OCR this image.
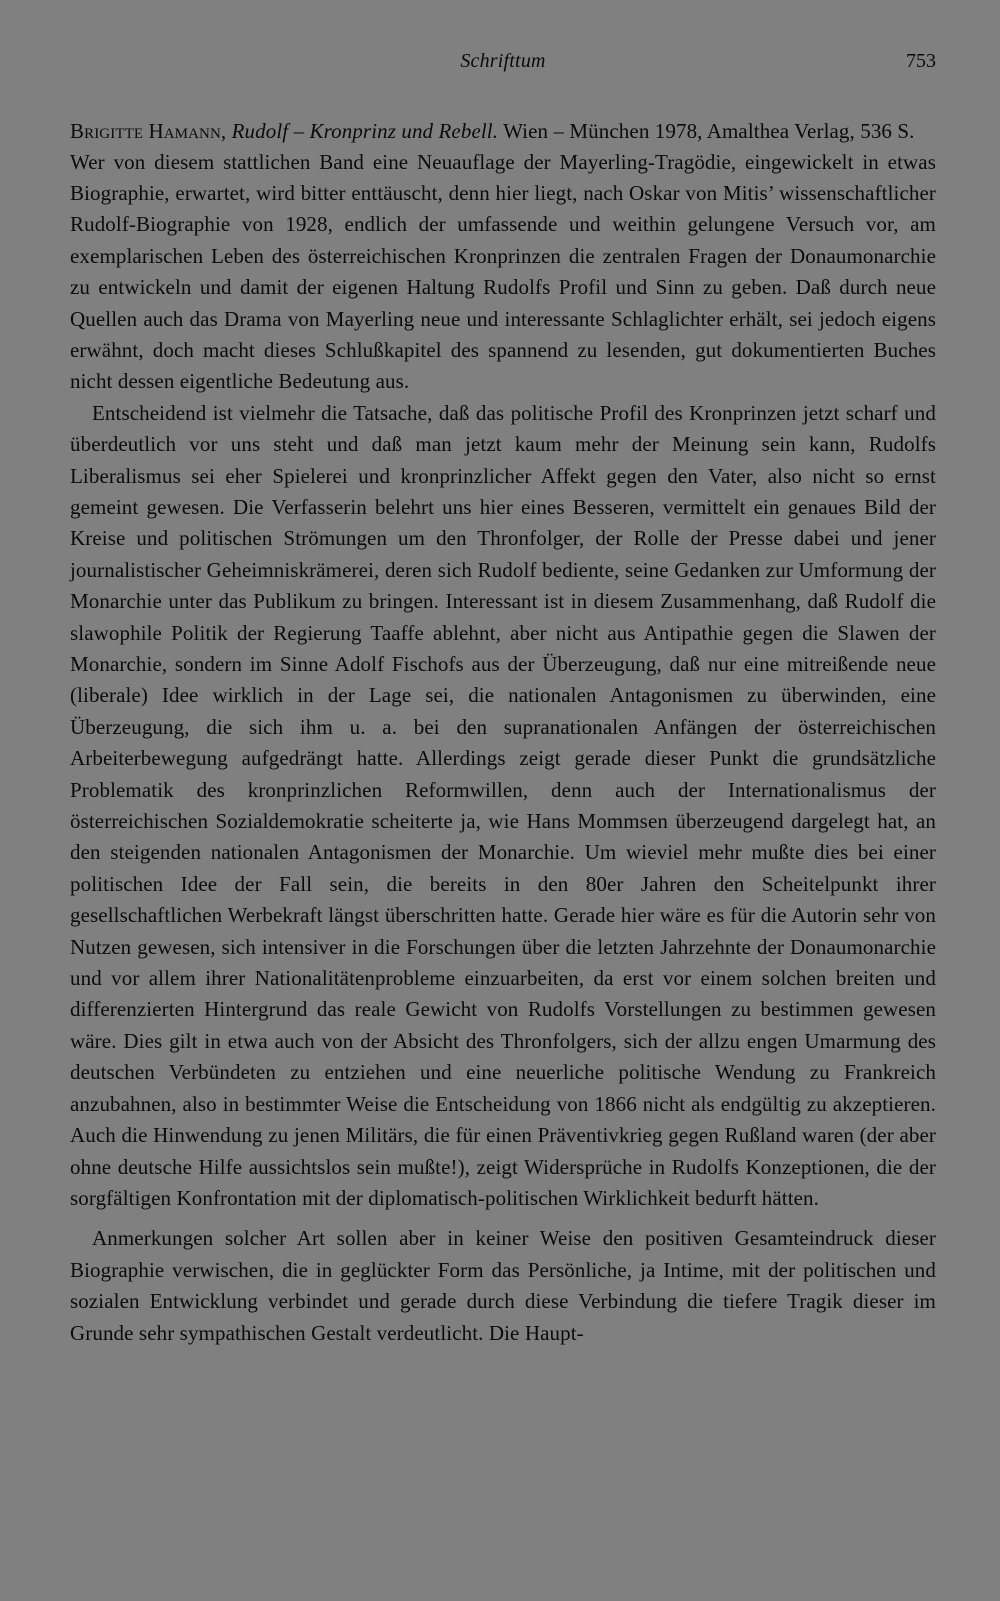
Schrifttum	753

Brigitte Hamann, Rudolf – Kronprinz und Rebell. Wien – München 1978, Amalthea Verlag, 536 S.

Wer von diesem stattlichen Band eine Neuauflage der Mayerling-Tragödie, eingewickelt in etwas Biographie, erwartet, wird bitter enttäuscht, denn hier liegt, nach Oskar von Mitis’ wissenschaftlicher Rudolf-Biographie von 1928, endlich der umfassende und weithin gelungene Versuch vor, am exemplarischen Leben des österreichischen Kronprinzen die zentralen Fragen der Donaumonarchie zu entwickeln und damit der eigenen Haltung Rudolfs Profil und Sinn zu geben. Daß durch neue Quellen auch das Drama von Mayerling neue und interessante Schlaglichter erhält, sei jedoch eigens erwähnt, doch macht dieses Schlußkapitel des spannend zu lesenden, gut dokumentierten Buches nicht dessen eigentliche Bedeutung aus.

Entscheidend ist vielmehr die Tatsache, daß das politische Profil des Kronprinzen jetzt scharf und überdeutlich vor uns steht und daß man jetzt kaum mehr der Meinung sein kann, Rudolfs Liberalismus sei eher Spielerei und kronprinzlicher Affekt gegen den Vater, also nicht so ernst gemeint gewesen. Die Verfasserin belehrt uns hier eines Besseren, vermittelt ein genaues Bild der Kreise und politischen Strömungen um den Thronfolger, der Rolle der Presse dabei und jener journalistischer Geheimniskrämerei, deren sich Rudolf bediente, seine Gedanken zur Umformung der Monarchie unter das Publikum zu bringen. Interessant ist in diesem Zusammenhang, daß Rudolf die slawophile Politik der Regierung Taaffe ablehnt, aber nicht aus Antipathie gegen die Slawen der Monarchie, sondern im Sinne Adolf Fischofs aus der Überzeugung, daß nur eine mitreißende neue (liberale) Idee wirklich in der Lage sei, die nationalen Antagonismen zu überwinden, eine Überzeugung, die sich ihm u. a. bei den supranationalen Anfängen der österreichischen Arbeiterbewegung aufgedrängt hatte. Allerdings zeigt gerade dieser Punkt die grundsätzliche Problematik des kronprinzlichen Reformwillen, denn auch der Internationalismus der österreichischen Sozialdemokratie scheiterte ja, wie Hans Mommsen überzeugend dargelegt hat, an den steigenden nationalen Antagonismen der Monarchie. Um wieviel mehr mußte dies bei einer politischen Idee der Fall sein, die bereits in den 80er Jahren den Scheitelpunkt ihrer gesellschaftlichen Werbekraft längst überschritten hatte. Gerade hier wäre es für die Autorin sehr von Nutzen gewesen, sich intensiver in die Forschungen über die letzten Jahrzehnte der Donaumonarchie und vor allem ihrer Nationalitätenprobleme einzuarbeiten, da erst vor einem solchen breiten und differenzierten Hintergrund das reale Gewicht von Rudolfs Vorstellungen zu bestimmen gewesen wäre. Dies gilt in etwa auch von der Absicht des Thronfolgers, sich der allzu engen Umarmung des deutschen Verbündeten zu entziehen und eine neuerliche politische Wendung zu Frankreich anzubahnen, also in bestimmter Weise die Entscheidung von 1866 nicht als endgültig zu akzeptieren. Auch die Hinwendung zu jenen Militärs, die für einen Präventivkrieg gegen Rußland waren (der aber ohne deutsche Hilfe aussichtslos sein mußte!), zeigt Widersprüche in Rudolfs Konzeptionen, die der sorgfältigen Konfrontation mit der diplomatisch-politischen Wirklichkeit bedurft hätten.

Anmerkungen solcher Art sollen aber in keiner Weise den positiven Gesamteindruck dieser Biographie verwischen, die in geglückter Form das Persönliche, ja Intime, mit der politischen und sozialen Entwicklung verbindet und gerade durch diese Verbindung die tiefere Tragik dieser im Grunde sehr sympathischen Gestalt verdeutlicht. Die Haupt-
